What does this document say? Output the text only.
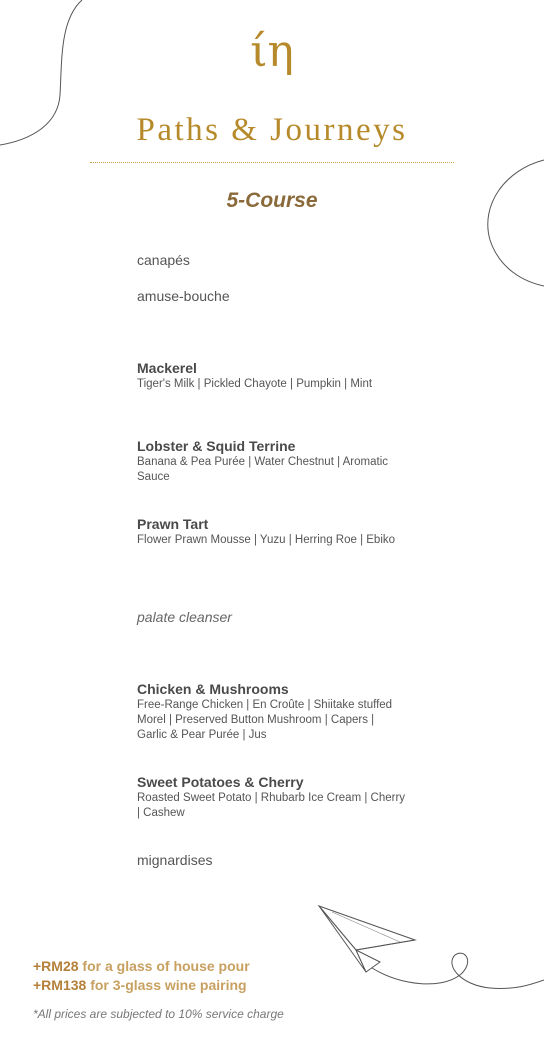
ίη
Paths & Journeys
5-Course
canapés
amuse-bouche
Mackerel
Tiger's Milk | Pickled Chayote | Pumpkin | Mint
Lobster & Squid Terrine
Banana & Pea Purée | Water Chestnut | Aromatic Sauce
Prawn Tart
Flower Prawn Mousse | Yuzu | Herring Roe | Ebiko
palate cleanser
Chicken & Mushrooms
Free-Range Chicken | En Croûte | Shiitake stuffed Morel | Preserved Button Mushroom | Capers | Garlic & Pear Purée | Jus
Sweet Potatoes & Cherry
Roasted Sweet Potato | Rhubarb Ice Cream | Cherry | Cashew
mignardises
+RM28 for a glass of house pour
+RM138 for 3-glass wine pairing
*All prices are subjected to 10% service charge
